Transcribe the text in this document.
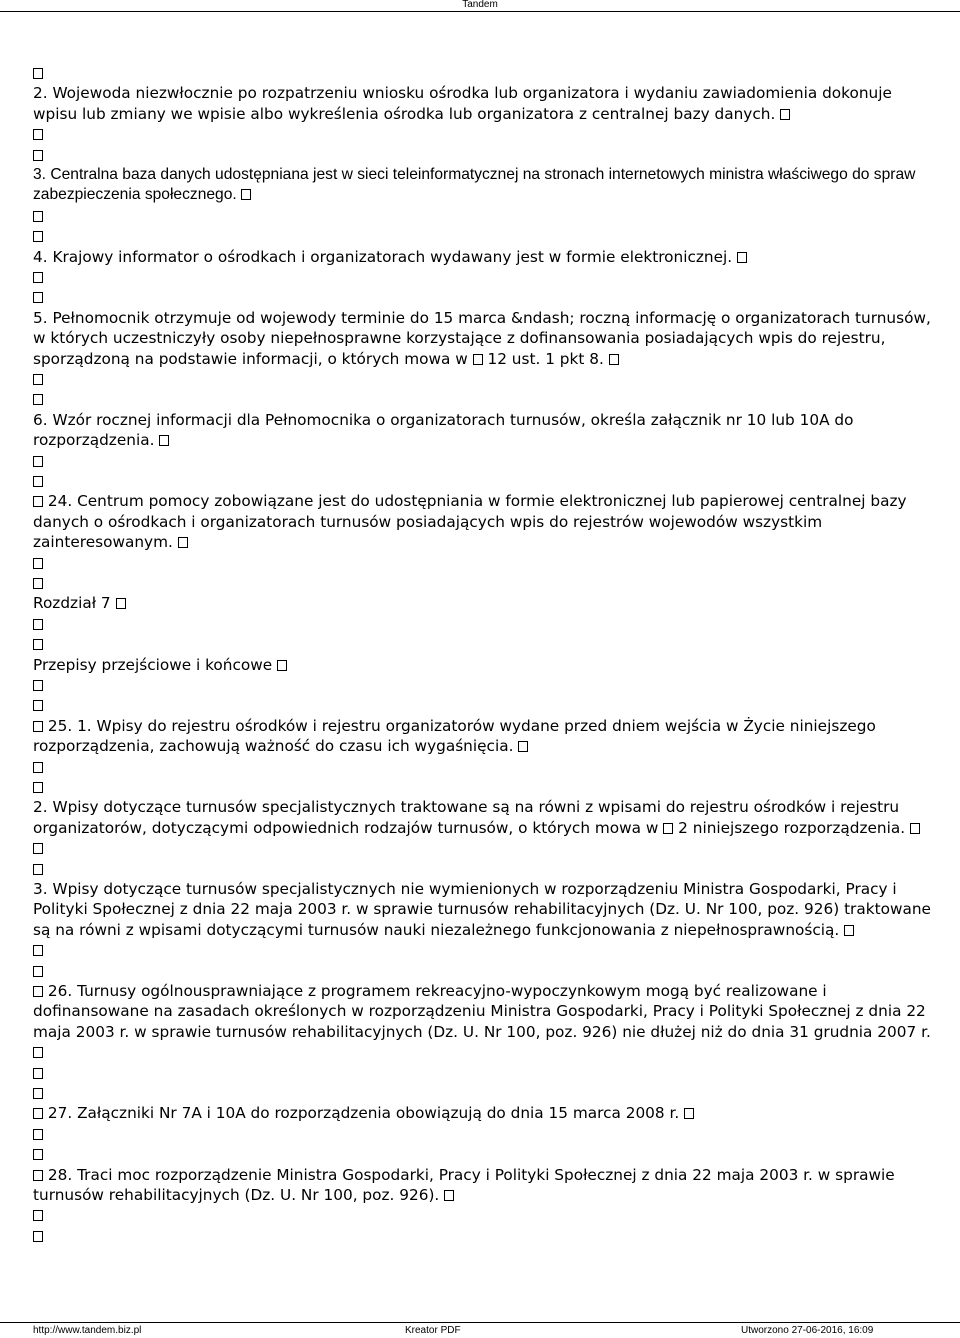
Tandem

2. Wojewoda niezwłocznie po rozpatrzeniu wniosku ośrodka lub organizatora i wydaniu zawiadomienia dokonuje wpisu lub zmiany we wpisie albo wykreślenia ośrodka lub organizatora z centralnej bazy danych.

3. Centralna baza danych udostępniana jest w sieci teleinformatycznej na stronach internetowych ministra właściwego do spraw zabezpieczenia społecznego.

4. Krajowy informator o ośrodkach i organizatorach wydawany jest w formie elektronicznej.

5. Pełnomocnik otrzymuje od wojewody terminie do 15 marca &ndash; roczną informację o organizatorach turnusów, w których uczestniczyły osoby niepełnosprawne korzystające z dofinansowania posiadających wpis do rejestru, sporządzoną na podstawie informacji, o których mowa w 12 ust. 1 pkt 8.

6. Wzór rocznej informacji dla Pełnomocnika o organizatorach turnusów, określa załącznik nr 10 lub 10A do rozporządzenia.

24. Centrum pomocy zobowiązane jest do udostępniania w formie elektronicznej lub papierowej centralnej bazy danych o ośrodkach i organizatorach turnusów posiadających wpis do rejestrów wojewodów wszystkim zainteresowanym.

Rozdział 7

Przepisy przejściowe i końcowe

25. 1. Wpisy do rejestru ośrodków i rejestru organizatorów wydane przed dniem wejścia w Życie niniejszego rozporządzenia, zachowują ważność do czasu ich wygaśnięcia.

2. Wpisy dotyczące turnusów specjalistycznych traktowane są na równi z wpisami do rejestru ośrodków i rejestru organizatorów, dotyczącymi odpowiednich rodzajów turnusów, o których mowa w 2 niniejszego rozporządzenia.

3. Wpisy dotyczące turnusów specjalistycznych nie wymienionych w rozporządzeniu Ministra Gospodarki, Pracy i Polityki Społecznej z dnia 22 maja 2003 r. w sprawie turnusów rehabilitacyjnych (Dz. U. Nr 100, poz. 926) traktowane są na równi z wpisami dotyczącymi turnusów nauki niezależnego funkcjonowania z niepełnosprawnością.

26. Turnusy ogólnousprawniające z programem rekreacyjno-wypoczynkowym mogą być realizowane i dofinansowane na zasadach określonych w rozporządzeniu Ministra Gospodarki, Pracy i Polityki Społecznej z dnia 22 maja 2003 r. w sprawie turnusów rehabilitacyjnych (Dz. U. Nr 100, poz. 926) nie dłużej niż do dnia 31 grudnia 2007 r.

27. Załączniki Nr 7A i 10A do rozporządzenia obowiązują do dnia 15 marca 2008 r.

28. Traci moc rozporządzenie Ministra Gospodarki, Pracy i Polityki Społecznej z dnia 22 maja 2003 r. w sprawie turnusów rehabilitacyjnych (Dz. U. Nr 100, poz. 926).

http://www.tandem.biz.pl	Kreator PDF	Utworzono 27-06-2016, 16:09
